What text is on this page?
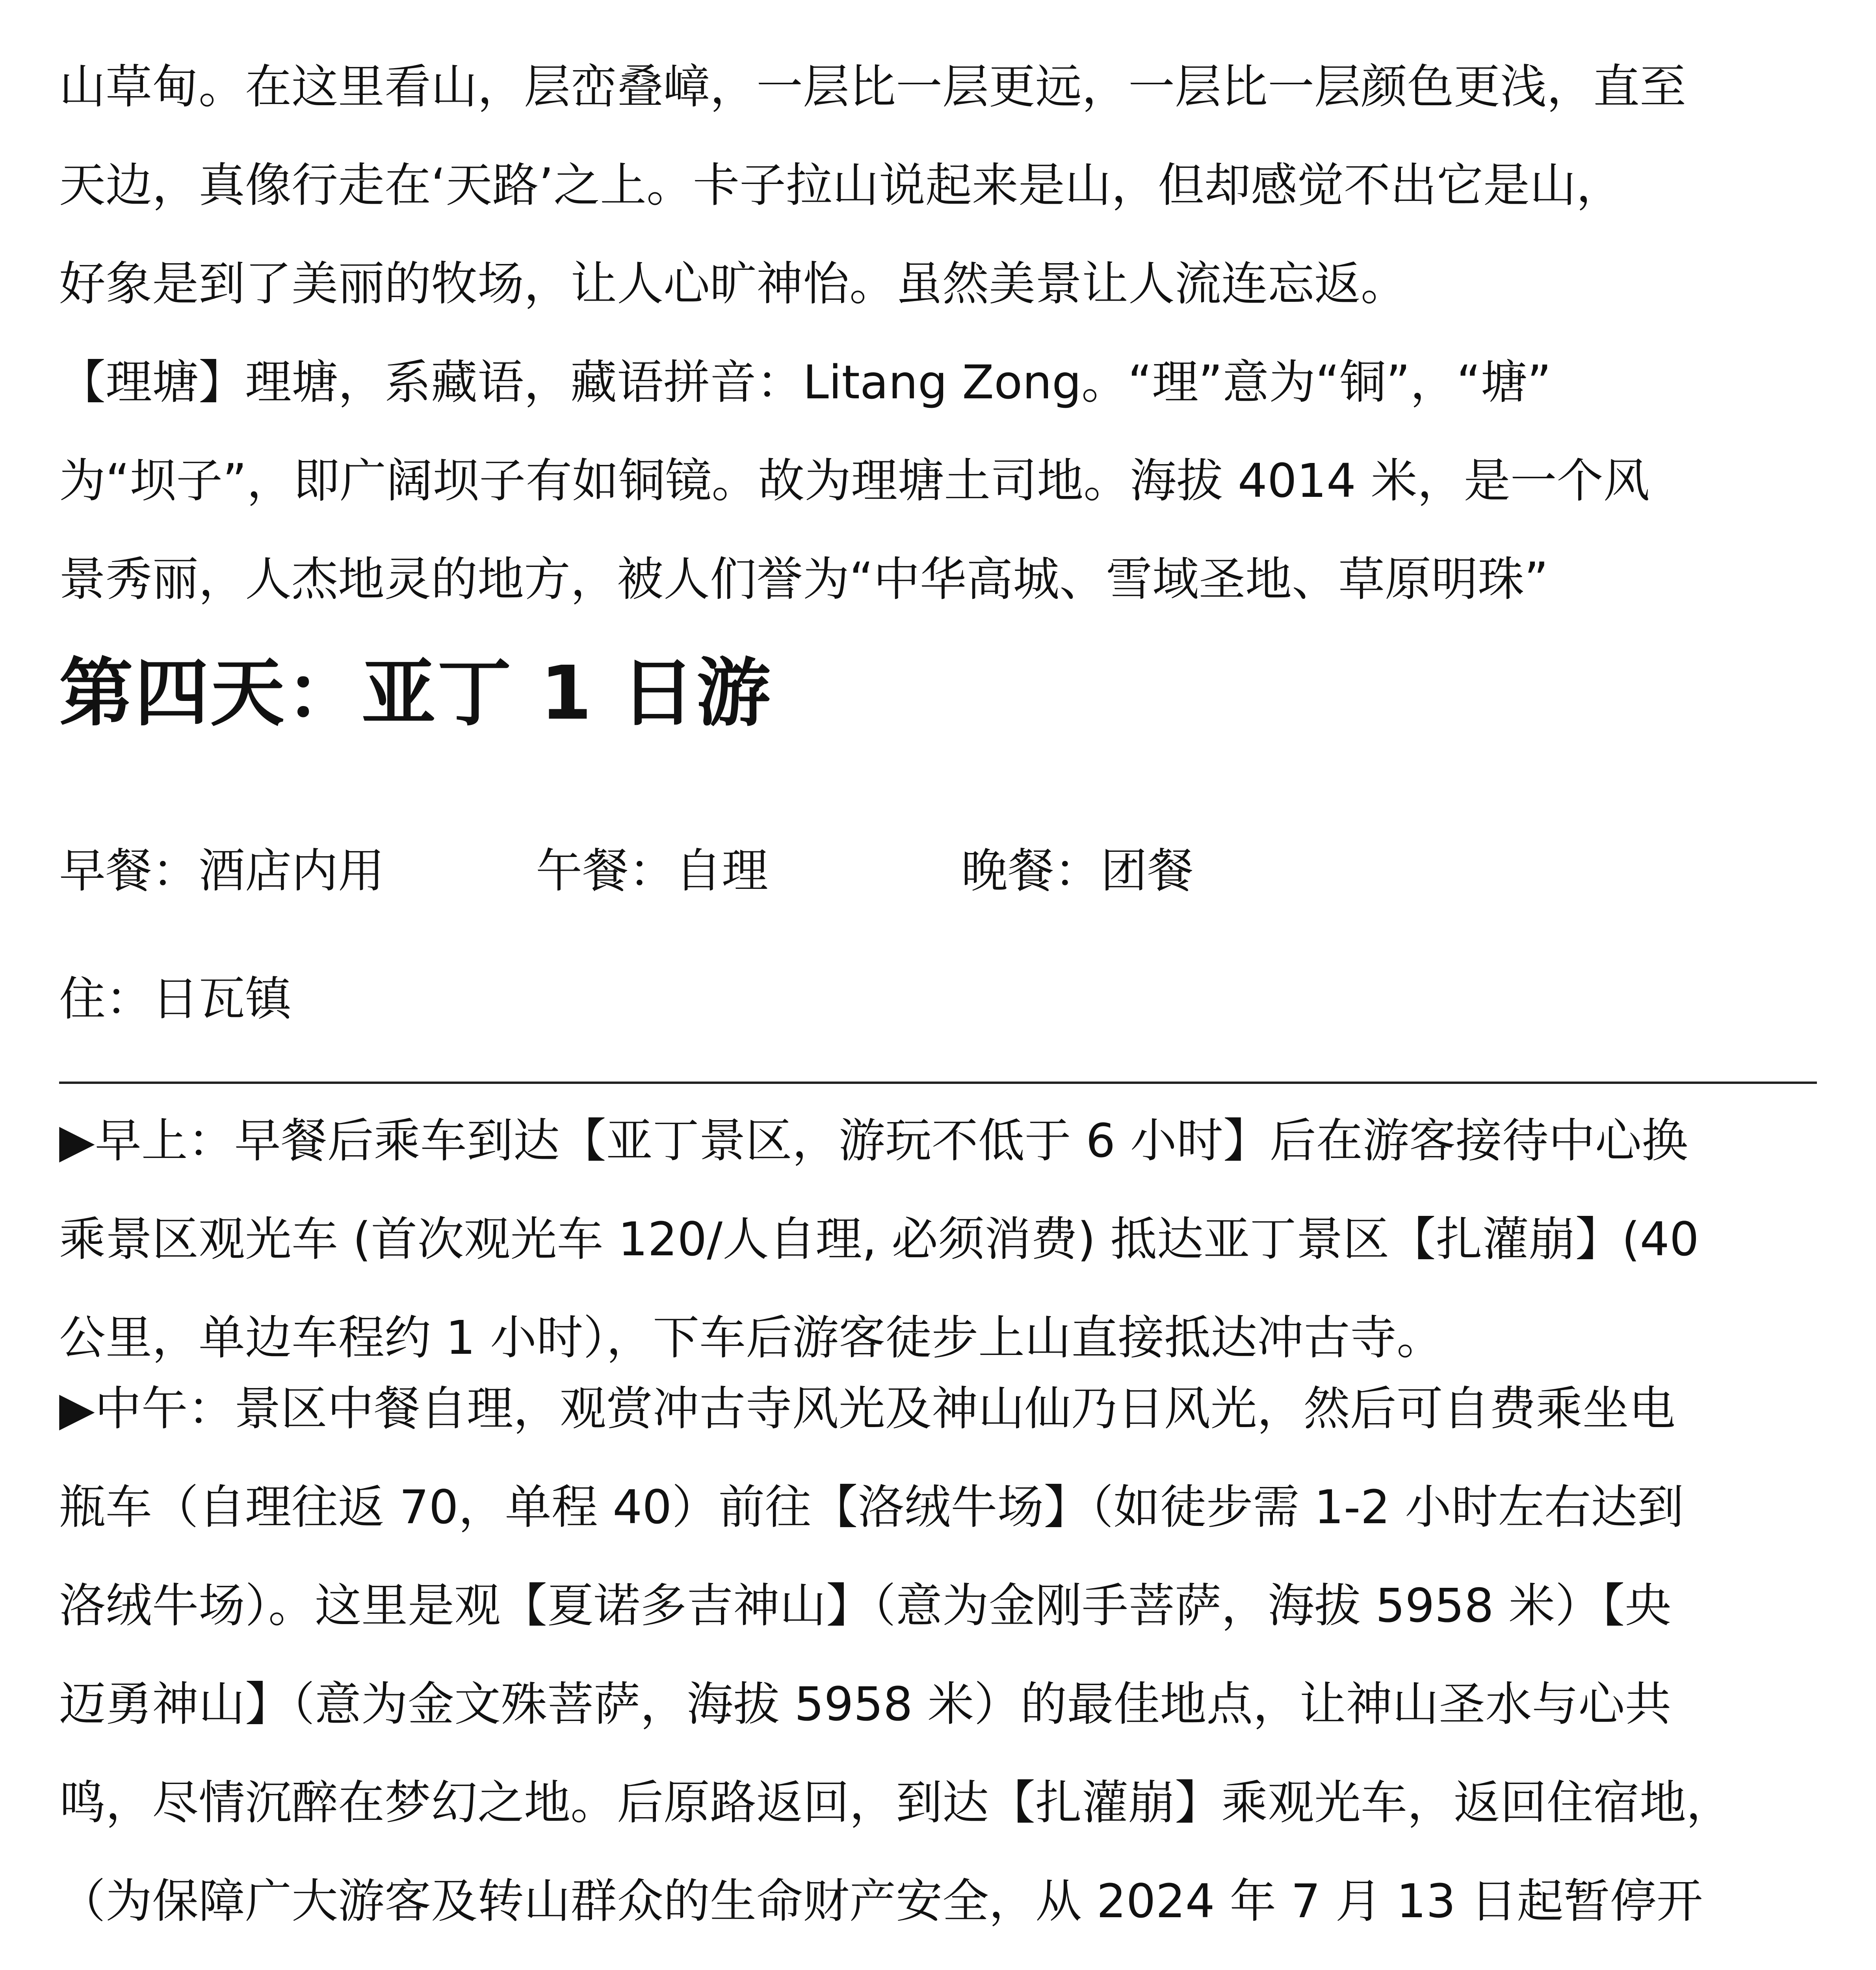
山草甸。在这里看山，层峦叠嶂，一层比一层更远，一层比一层颜色更浅，直至

天边，真像行走在‘天路’之上。卡子拉山说起来是山，但却感觉不出它是山，

好象是到了美丽的牧场，让人心旷神怡。虽然美景让人流连忘返。

【理塘】理塘，系藏语，藏语拼音：Litang Zong。“理”意为“铜”，“塘”

为“坝子”，即广阔坝子有如铜镜。故为理塘土司地。海拔 4014 米，是一个风

景秀丽，人杰地灵的地方，被人们誉为“中华高城、雪域圣地、草原明珠”

第四天：亚丁 1 日游
早餐：酒店内用	午餐：自理	晚餐：团餐

住：日瓦镇

▶早上：早餐后乘车到达【亚丁景区，游玩不低于 6 小时】后在游客接待中心换

乘景区观光车 (首次观光车 120/人自理, 必须消费) 抵达亚丁景区【扎灌崩】(40

公里，单边车程约 1 小时），下车后游客徒步上山直接抵达冲古寺。

▶中午：景区中餐自理，观赏冲古寺风光及神山仙乃日风光，然后可自费乘坐电

瓶车（自理往返 70，单程 40）前往【洛绒牛场】（如徒步需 1-2 小时左右达到

洛绒牛场）。这里是观【夏诺多吉神山】（意为金刚手菩萨，海拔 5958 米）【央

迈勇神山】（意为金文殊菩萨，海拔 5958 米）的最佳地点，让神山圣水与心共

鸣，尽情沉醉在梦幻之地。后原路返回，到达【扎灌崩】乘观光车，返回住宿地，

（为保障广大游客及转山群众的生命财产安全，从 2024 年 7 月 13 日起暂停开
